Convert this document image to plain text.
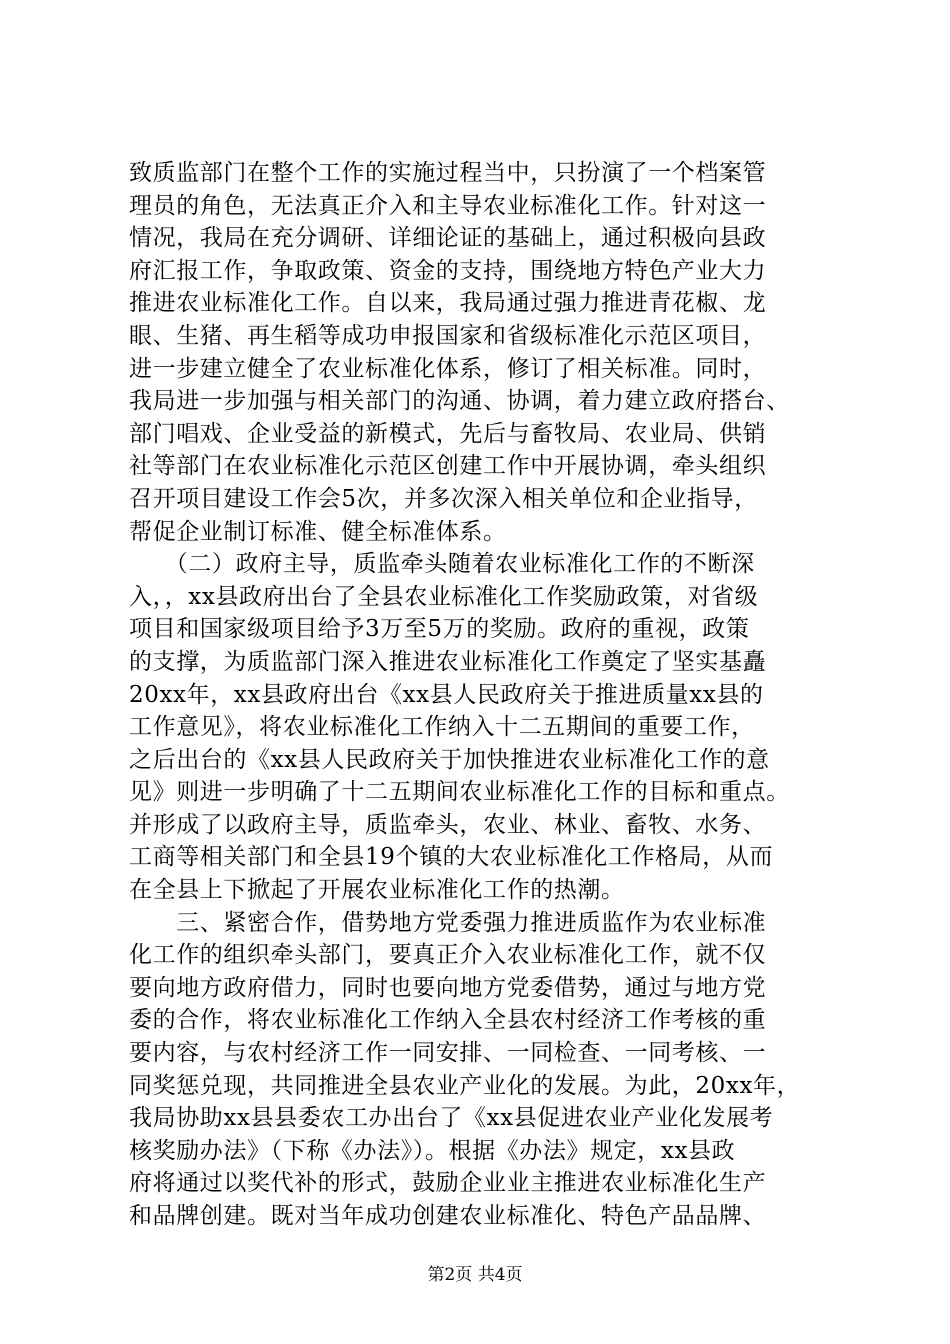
致质监部门在整个工作的实施过程当中，只扮演了一个档案管
理员的角色，无法真正介入和主导农业标准化工作。针对这一
情况，我局在充分调研、详细论证的基础上，通过积极向县政
府汇报工作，争取政策、资金的支持，围绕地方特色产业大力
推进农业标准化工作。自以来，我局通过强力推进青花椒、龙
眼、生猪、再生稻等成功申报国家和省级标准化示范区项目，
进一步建立健全了农业标准化体系，修订了相关标准。同时，
我局进一步加强与相关部门的沟通、协调，着力建立政府搭台、
部门唱戏、企业受益的新模式，先后与畜牧局、农业局、供销
社等部门在农业标准化示范区创建工作中开展协调，牵头组织
召开项目建设工作会5次，并多次深入相关单位和企业指导，
帮促企业制订标准、健全标准体系。
　　（二）政府主导，质监牵头随着农业标准化工作的不断深
入，，xx县政府出台了全县农业标准化工作奖励政策，对省级
项目和国家级项目给予3万至5万的奖励。政府的重视，政策
的支撑，为质监部门深入推进农业标准化工作奠定了坚实基矗
20xx年，xx县政府出台《xx县人民政府关于推进质量xx县的
工作意见》，将农业标准化工作纳入十二五期间的重要工作，
之后出台的《xx县人民政府关于加快推进农业标准化工作的意
见》则进一步明确了十二五期间农业标准化工作的目标和重点。
并形成了以政府主导，质监牵头，农业、林业、畜牧、水务、
工商等相关部门和全县19个镇的大农业标准化工作格局，从而
在全县上下掀起了开展农业标准化工作的热潮。
　　三、紧密合作，借势地方党委强力推进质监作为农业标准
化工作的组织牵头部门，要真正介入农业标准化工作，就不仅
要向地方政府借力，同时也要向地方党委借势，通过与地方党
委的合作，将农业标准化工作纳入全县农村经济工作考核的重
要内容，与农村经济工作一同安排、一同检查、一同考核、一
同奖惩兑现，共同推进全县农业产业化的发展。为此，20xx年，
我局协助xx县县委农工办出台了《xx县促进农业产业化发展考
核奖励办法》（下称《办法》）。根据《办法》规定，xx县政
府将通过以奖代补的形式，鼓励企业业主推进农业标准化生产
和品牌创建。既对当年成功创建农业标准化、特色产品品牌、
第2页 共4页
